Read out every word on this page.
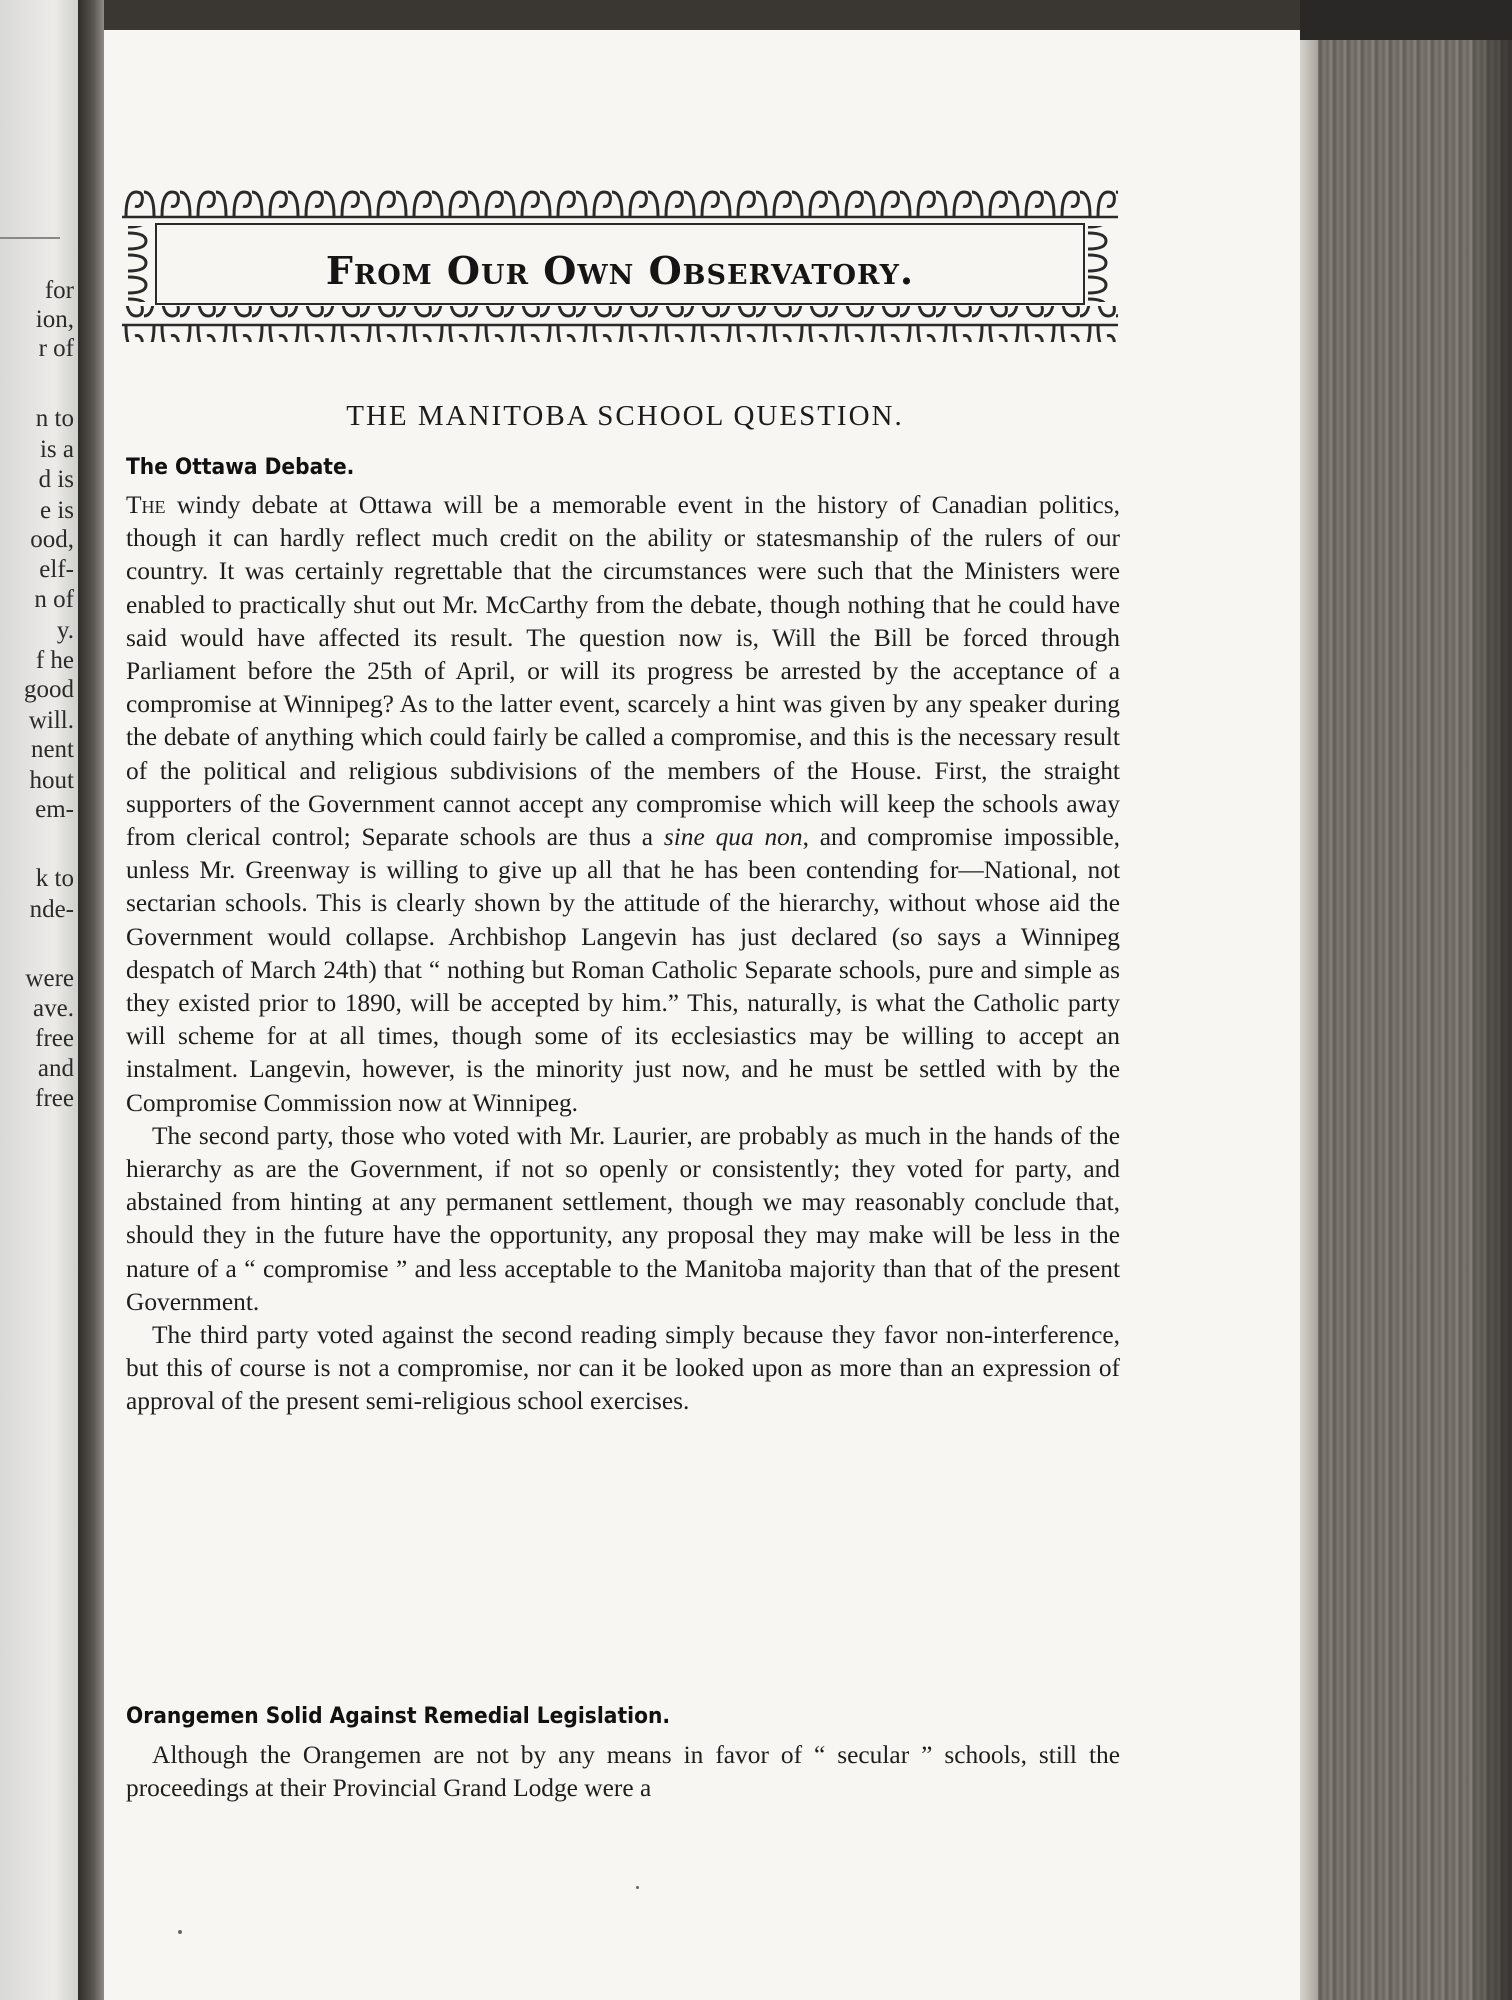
for
ion,
r of
n to
is a
d is
e is
ood,
elf-
n of
y.
f he
good
will.
nent
hout
em-
k to
nde-
were
ave.
free
and
free
From Our Own Observatory.
THE MANITOBA SCHOOL QUESTION.
The Ottawa Debate.

The windy debate at Ottawa will be a memorable event in the history of Canadian politics, though it can hardly reflect much credit on the ability or statesmanship of the rulers of our country. It was certainly regrettable that the circumstances were such that the Ministers were enabled to practically shut out Mr. McCarthy from the debate, though nothing that he could have said would have affected its result. The question now is, Will the Bill be forced through Parliament before the 25th of April, or will its progress be arrested by the acceptance of a compromise at Winnipeg? As to the latter event, scarcely a hint was given by any speaker during the debate of anything which could fairly be called a compromise, and this is the necessary result of the political and religious subdivisions of the members of the House. First, the straight supporters of the Government cannot accept any compromise which will keep the schools away from clerical control; Separate schools are thus a sine qua non, and compromise impossible, unless Mr. Greenway is willing to give up all that he has been contending for—National, not sectarian schools. This is clearly shown by the attitude of the hierarchy, without whose aid the Government would collapse. Archbishop Langevin has just declared (so says a Winnipeg despatch of March 24th) that “ nothing but Roman Catholic Separate schools, pure and simple as they existed prior to 1890, will be accepted by him.” This, naturally, is what the Catholic party will scheme for at all times, though some of its ecclesiastics may be willing to accept an instalment. Langevin, however, is the minority just now, and he must be settled with by the Compromise Commission now at Winnipeg.

The second party, those who voted with Mr. Laurier, are probably as much in the hands of the hierarchy as are the Government, if not so openly or consistently; they voted for party, and abstained from hinting at any permanent settlement, though we may reasonably conclude that, should they in the future have the opportunity, any proposal they may make will be less in the nature of a “ compromise ” and less acceptable to the Manitoba majority than that of the present Government.

The third party voted against the second reading simply because they favor non-interference, but this of course is not a compromise, nor can it be looked upon as more than an expression of approval of the present semi-religious school exercises.

Orangemen Solid Against Remedial Legislation.

Although the Orangemen are not by any means in favor of “ secular ” schools, still the proceedings at their Provincial Grand Lodge were a
